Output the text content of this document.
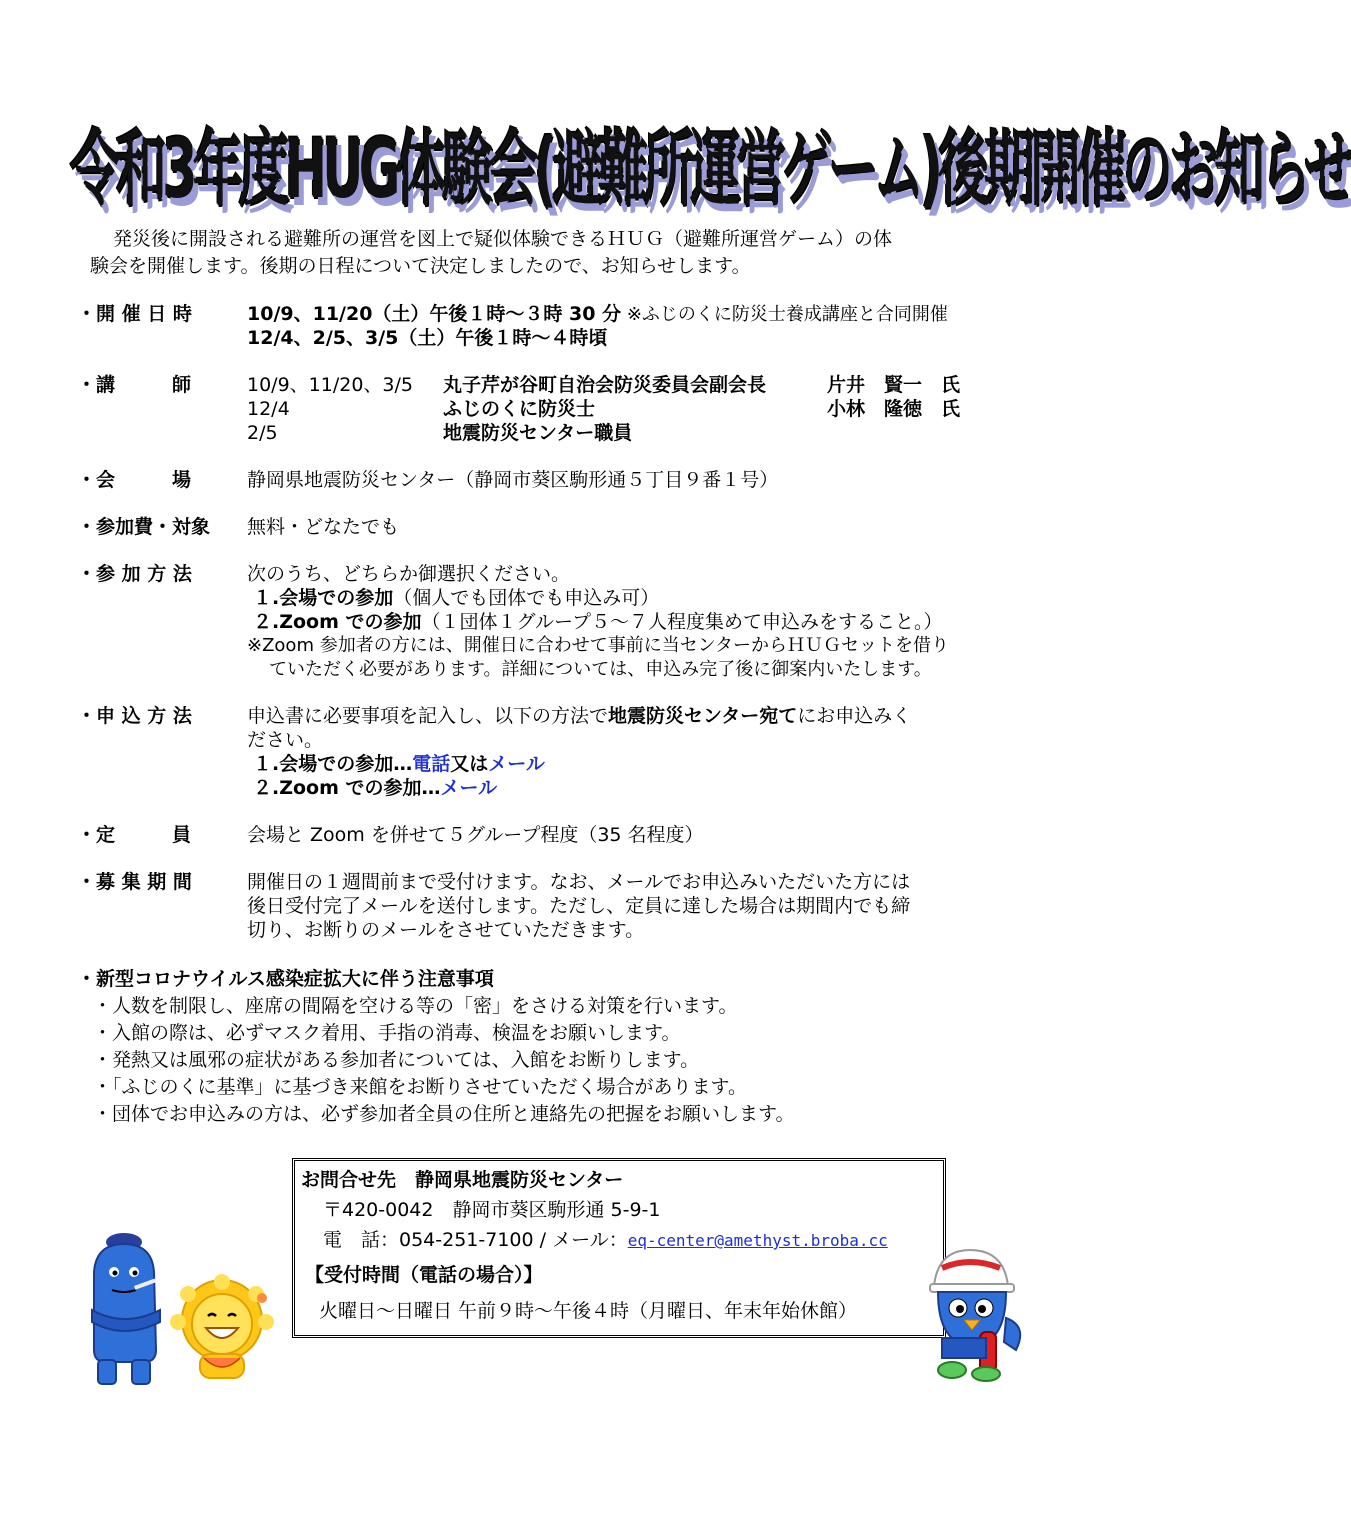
令和3年度HUG体験会(避難所運営ゲーム)後期開催のお知らせ

発災後に開設される避難所の運営を図上で疑似体験できるＨＵＧ（避難所運営ゲーム）の体

験会を開催します。後期の日程について決定しましたので、お知らせします。
・開 催 日 時	10/9、11/20（土）午後１時～３時 30 分 ※ふじのくに防災士養成講座と合同開催
12/4、2/5、3/5（土）午後１時～４時頃
・講　　　師	10/9、11/20、3/5 丸子芹が谷町自治会防災委員会副会長	片井　賢一　氏
12/4	ふじのくに防災士	小林　隆徳　氏
2/5	地震防災センター職員
・会　　　場	静岡県地震防災センター（静岡市葵区駒形通５丁目９番１号）
・参加費・対象 無料・どなたでも
・参 加 方 法	次のうち、どちらか御選択ください。
１.会場での参加（個人でも団体でも申込み可）
２.Zoom での参加（１団体１グループ５～７人程度集めて申込みをすること。）
※Zoom 参加者の方には、開催日に合わせて事前に当センターからＨＵＧセットを借り
ていただく必要があります。詳細については、申込み完了後に御案内いたします。
・申 込 方 法	申込書に必要事項を記入し、以下の方法で地震防災センター宛てにお申込みく
ださい。
１.会場での参加…電話又はメール
２.Zoom での参加…メール
・定　　　員	会場と Zoom を併せて５グループ程度（35 名程度）
・募 集 期 間	開催日の１週間前まで受付けます。なお、メールでお申込みいただいた方には
後日受付完了メールを送付します。ただし、定員に達した場合は期間内でも締
切り、お断りのメールをさせていただきます。
・新型コロナウイルス感染症拡大に伴う注意事項
・人数を制限し、座席の間隔を空ける等の「密」をさける対策を行います。
・入館の際は、必ずマスク着用、手指の消毒、検温をお願いします。
・発熱又は風邪の症状がある参加者については、入館をお断りします。
・「ふじのくに基準」に基づき来館をお断りさせていただく場合があります。
・団体でお申込みの方は、必ず参加者全員の住所と連絡先の把握をお願いします。
お問合せ先　静岡県地震防災センター
〒420-0042　静岡市葵区駒形通 5-9-1
電　話：054-251-7100 / メール：eq-center@amethyst.broba.cc
【受付時間（電話の場合）】
火曜日～日曜日 午前９時～午後４時（月曜日、年末年始休館）
